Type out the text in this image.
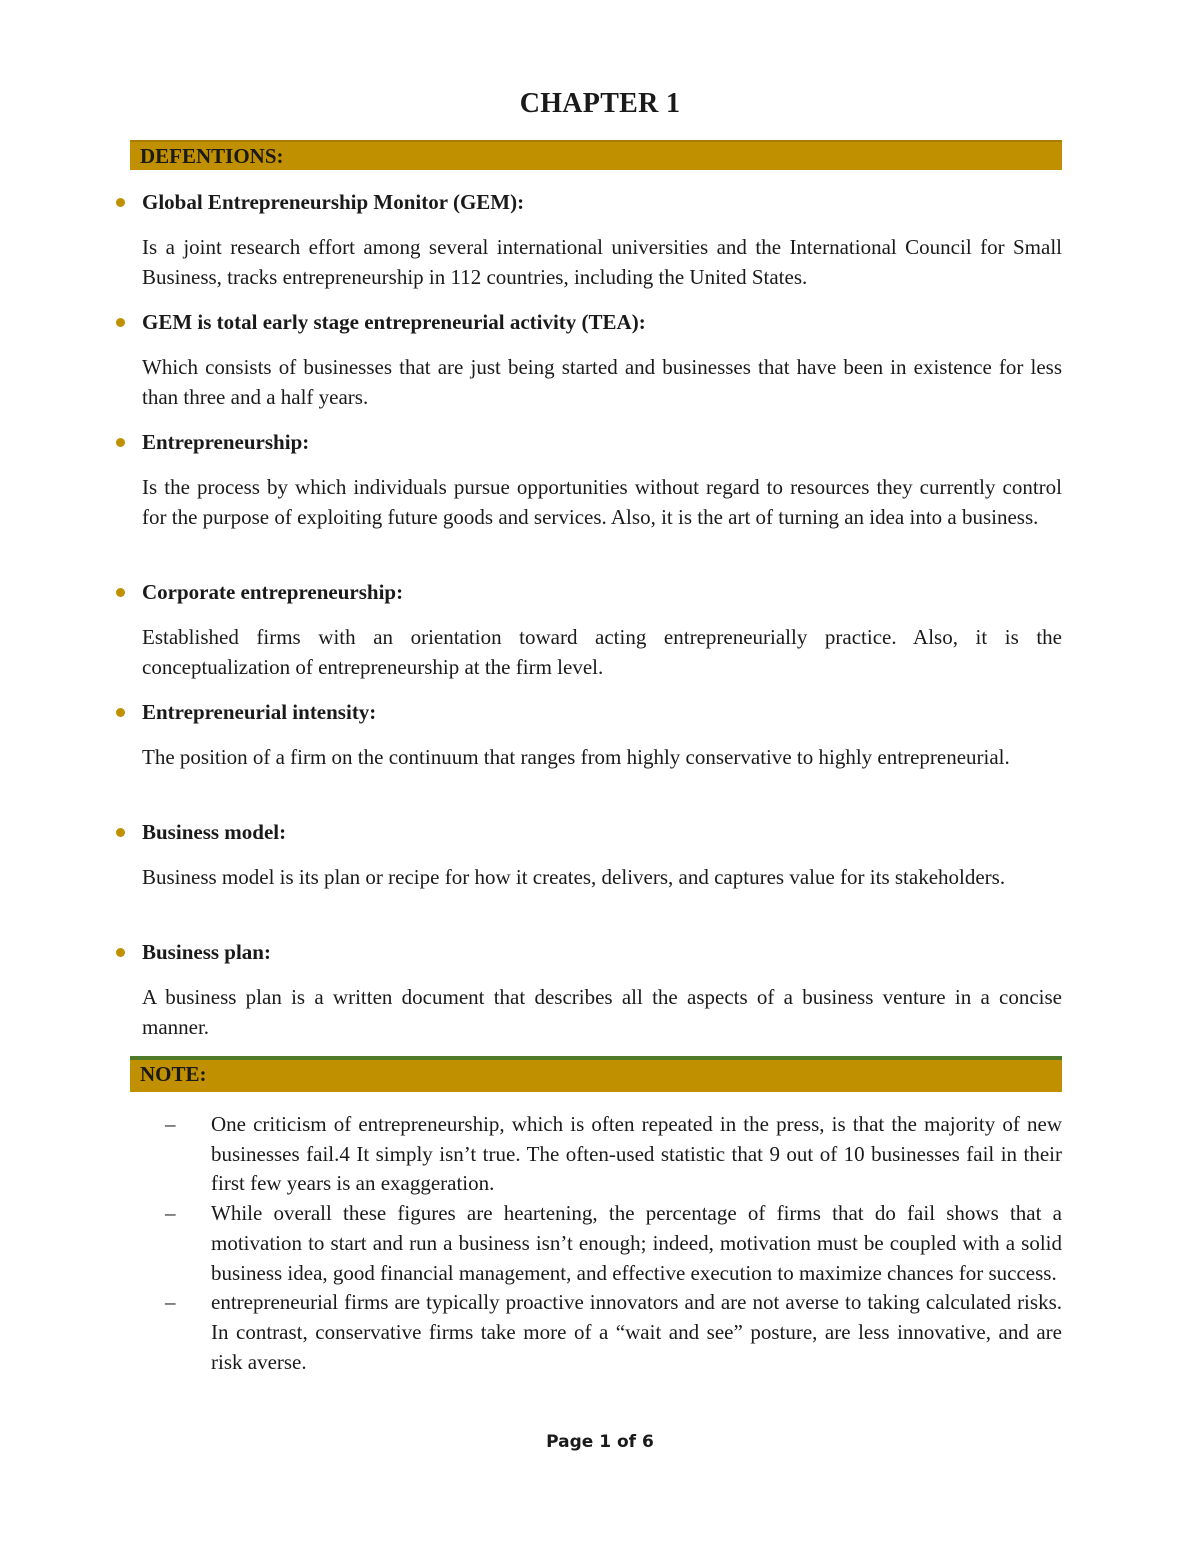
CHAPTER 1
DEFENTIONS:
Global Entrepreneurship Monitor (GEM):
Is a joint research effort among several international universities and the International Council for Small Business, tracks entrepreneurship in 112 countries, including the United States.
GEM is total early stage entrepreneurial activity (TEA):
Which consists of businesses that are just being started and businesses that have been in existence for less than three and a half years.
Entrepreneurship:
Is the process by which individuals pursue opportunities without regard to resources they currently control for the purpose of exploiting future goods and services. Also, it is the art of turning an idea into a business.
Corporate entrepreneurship:
Established firms with an orientation toward acting entrepreneurially practice. Also, it is the conceptualization of entrepreneurship at the firm level.
Entrepreneurial intensity:
The position of a firm on the continuum that ranges from highly conservative to highly entrepreneurial.
Business model:
Business model is its plan or recipe for how it creates, delivers, and captures value for its stakeholders.
Business plan:
A business plan is a written document that describes all the aspects of a business venture in a concise manner.
NOTE:
– One criticism of entrepreneurship, which is often repeated in the press, is that the majority of new businesses fail.4 It simply isn’t true. The often-used statistic that 9 out of 10 businesses fail in their first few years is an exaggeration.
– While overall these figures are heartening, the percentage of firms that do fail shows that a motivation to start and run a business isn’t enough; indeed, motivation must be coupled with a solid business idea, good financial management, and effective execution to maximize chances for success.
– entrepreneurial firms are typically proactive innovators and are not averse to taking calculated risks. In contrast, conservative firms take more of a “wait and see” posture, are less innovative, and are risk averse.
Page 1 of 6
